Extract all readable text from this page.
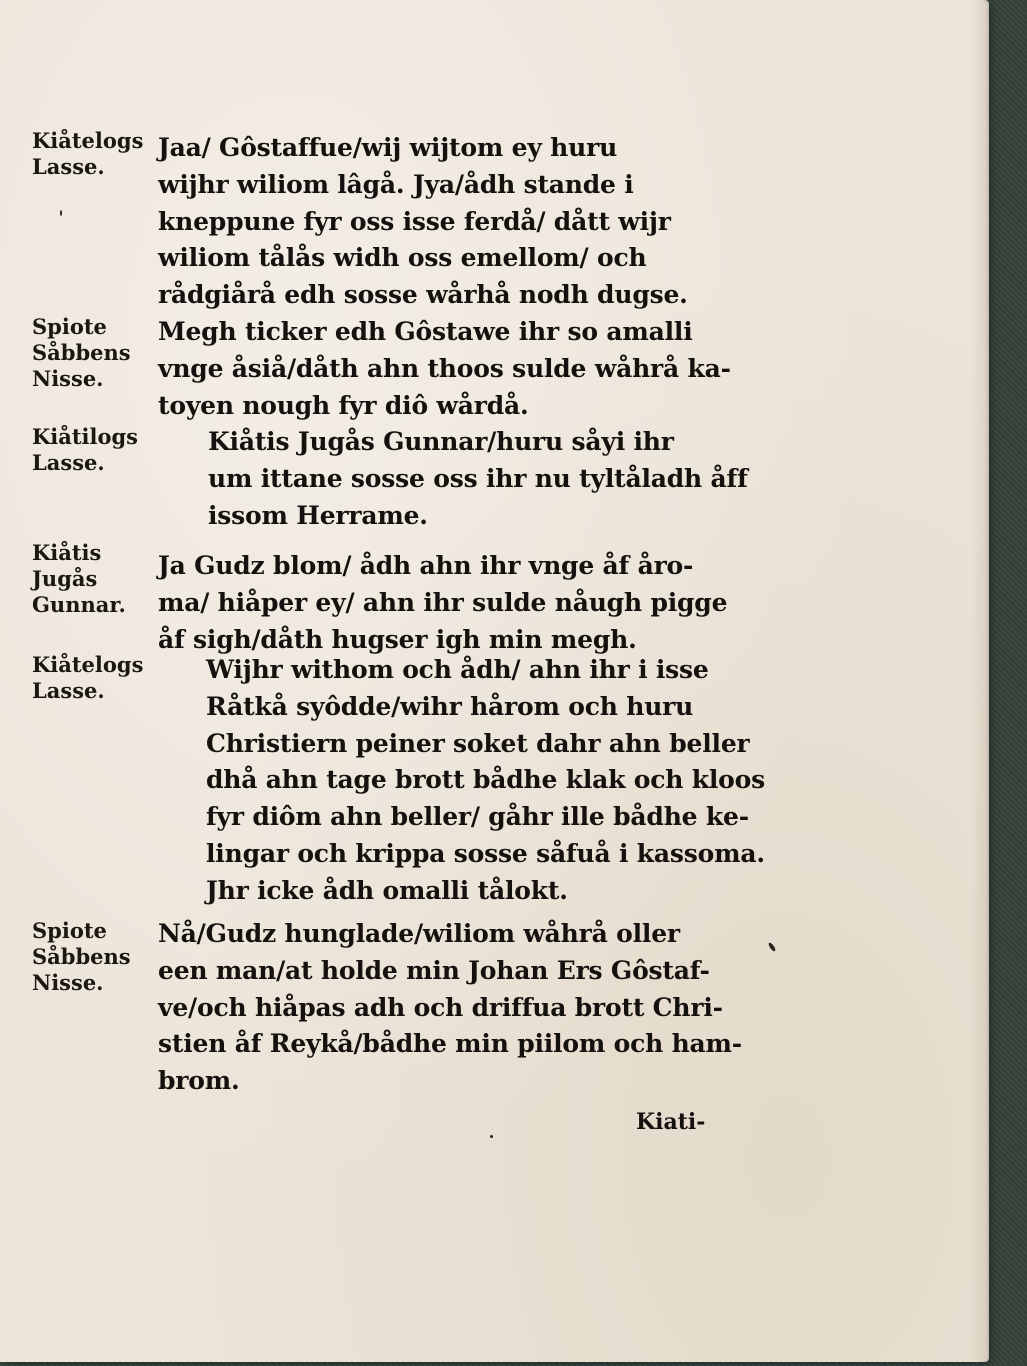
Kiåtelogs
Lasse.
Jaa/ Gôstaffue/wij wijtom ey huru
wijhr wiliom lâgå. Jya/ådh stande i
kneppune fyr oss isse ferdå/ dått wijr
wiliom tålås widh oss emellom/ och
rådgiårå edh sosse wårhå nodh dugse.
Spiote
Såbbens
Nisse.
Megh ticker edh Gôstawe ihr so amalli
vnge åsiå/dåth ahn thoos sulde wåhrå ka-
toyen nough fyr diô wårdå.
Kiåtilogs
Lasse.
Kiåtis Jugås Gunnar/huru såyi ihr
um ittane sosse oss ihr nu tyltåladh åff
issom Herrame.
Kiåtis
Jugås
Gunnar.
Ja Gudz blom/ ådh ahn ihr vnge åf åro-
ma/ hiåper ey/ ahn ihr sulde nåugh pigge
åf sigh/dåth hugser igh min megh.
Kiåtelogs
Lasse.
Wijhr withom och ådh/ ahn ihr i isse
Råtkå syôdde/wihr hårom och huru
Christiern peiner soket dahr ahn beller
dhå ahn tage brott bådhe klak och kloos
fyr diôm ahn beller/ gåhr ille bådhe ke-
lingar och krippa sosse såfuå i kassoma.
Jhr icke ådh omalli tålokt.
Spiote
Såbbens
Nisse.
Nå/Gudz hunglade/wiliom wåhrå oller
een man/at holde min Johan Ers Gôstaf-
ve/och hiåpas adh och driffua brott Chri-
stien åf Reykå/bådhe min piilom och ham-
brom.
Kiati-
